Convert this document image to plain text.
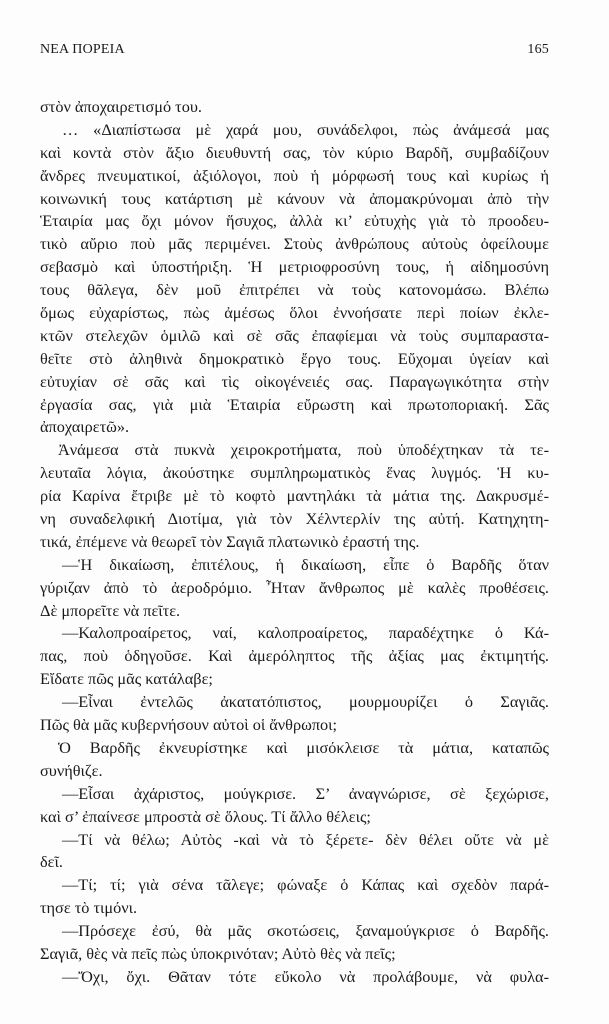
ΝΕΑ ΠΟΡΕΙΑ	165
στὸν ἀποχαιρετισμό του.
… «Διαπίστωσα μὲ χαρά μου, συνάδελφοι, πὼς ἀνάμεσά μας
καὶ κοντὰ στὸν ἄξιο διευθυντή σας, τὸν κύριο Βαρδῆ, συμβαδίζουν
ἄνδρες πνευματικοί, ἀξιόλογοι, ποὺ ἡ μόρφωσή τους καὶ κυρίως ἡ
κοινωνική τους κατάρτιση μὲ κάνουν νὰ ἀπομακρύνομαι ἀπὸ τὴν
Ἑταιρία μας ὄχι μόνον ἥσυχος, ἀλλὰ κι’ εὐτυχὴς γιὰ τὸ προοδευ-
τικὸ αὔριο ποὺ μᾶς περιμένει. Στοὺς ἀνθρώπους αὐτοὺς ὀφείλουμε
σεβασμὸ καὶ ὑποστήριξη. Ἡ μετριοφροσύνη τους, ἡ αἰδημοσύνη
τους θᾶλεγα, δὲν μοῦ ἐπιτρέπει νὰ τοὺς κατονομάσω. Βλέπω
ὅμως εὐχαρίστως, πὼς ἀμέσως ὅλοι ἐννοήσατε περὶ ποίων ἐκλε-
κτῶν στελεχῶν ὁμιλῶ καὶ σὲ σᾶς ἐπαφίεμαι νὰ τοὺς συμπαραστα-
θεῖτε στὸ ἀληθινὰ δημοκρατικὸ ἔργο τους. Εὔχομαι ὑγείαν καὶ
εὐτυχίαν σὲ σᾶς καὶ τὶς οἰκογένειές σας. Παραγωγικότητα στὴν
ἐργασία σας, γιὰ μιὰ Ἑταιρία εὔρωστη καὶ πρωτοποριακή. Σᾶς
ἀποχαιρετῶ».
Ἀνάμεσα στὰ πυκνὰ χειροκροτήματα, ποὺ ὑποδέχτηκαν τὰ τε-
λευταῖα λόγια, ἀκούστηκε συμπληρωματικὸς ἕνας λυγμός. Ἡ κυ-
ρία Καρίνα ἔτριβε μὲ τὸ κοφτὸ μαντηλάκι τὰ μάτια της. Δακρυσμέ-
νη συναδελφική Διοτίμα, γιὰ τὸν Χέλντερλίν της αὐτή. Κατηχητη-
τικά, ἐπέμενε νὰ θεωρεῖ τὸν Σαγιᾶ πλατωνικὸ ἐραστή της.
—Ἡ δικαίωση, ἐπιτέλους, ἡ δικαίωση, εἶπε ὁ Βαρδῆς ὅταν
γύριζαν ἀπὸ τὸ ἀεροδρόμιο. Ἦταν ἄνθρωπος μὲ καλὲς προθέσεις.
Δὲ μπορεῖτε νὰ πεῖτε.
—Καλοπροαίρετος, ναί, καλοπροαίρετος, παραδέχτηκε ὁ Κά-
πας, ποὺ ὁδηγοῦσε. Καὶ ἀμερόληπτος τῆς ἀξίας μας ἐκτιμητής.
Εἴδατε πῶς μᾶς κατάλαβε;
—Εἶναι ἐντελῶς ἀκατατόπιστος, μουρμουρίζει ὁ Σαγιᾶς.
Πῶς θὰ μᾶς κυβερνήσουν αὐτοὶ οἱ ἄνθρωποι;
Ὁ Βαρδῆς ἐκνευρίστηκε καὶ μισόκλεισε τὰ μάτια, καταπῶς
συνήθιζε.
—Εἶσαι ἀχάριστος, μούγκρισε. Σ’ ἀναγνώρισε, σὲ ξεχώρισε,
καὶ σ’ ἐπαίνεσε μπροστὰ σὲ ὅλους. Τί ἄλλο θέλεις;
—Τί νὰ θέλω; Αὐτὸς -καὶ νὰ τὸ ξέρετε- δὲν θέλει οὔτε νὰ μὲ
δεῖ.
—Τί; τί; γιὰ σένα τᾶλεγε; φώναξε ὁ Κάπας καὶ σχεδὸν παρά-
τησε τὸ τιμόνι.
—Πρόσεχε ἐσύ, θὰ μᾶς σκοτώσεις, ξαναμούγκρισε ὁ Βαρδῆς.
Σαγιᾶ, θὲς νὰ πεῖς πὼς ὑποκρινόταν; Αὐτὸ θὲς νὰ πεῖς;
—Ὄχι, ὄχι. Θᾶταν τότε εὔκολο νὰ προλάβουμε, νὰ φυλα-
